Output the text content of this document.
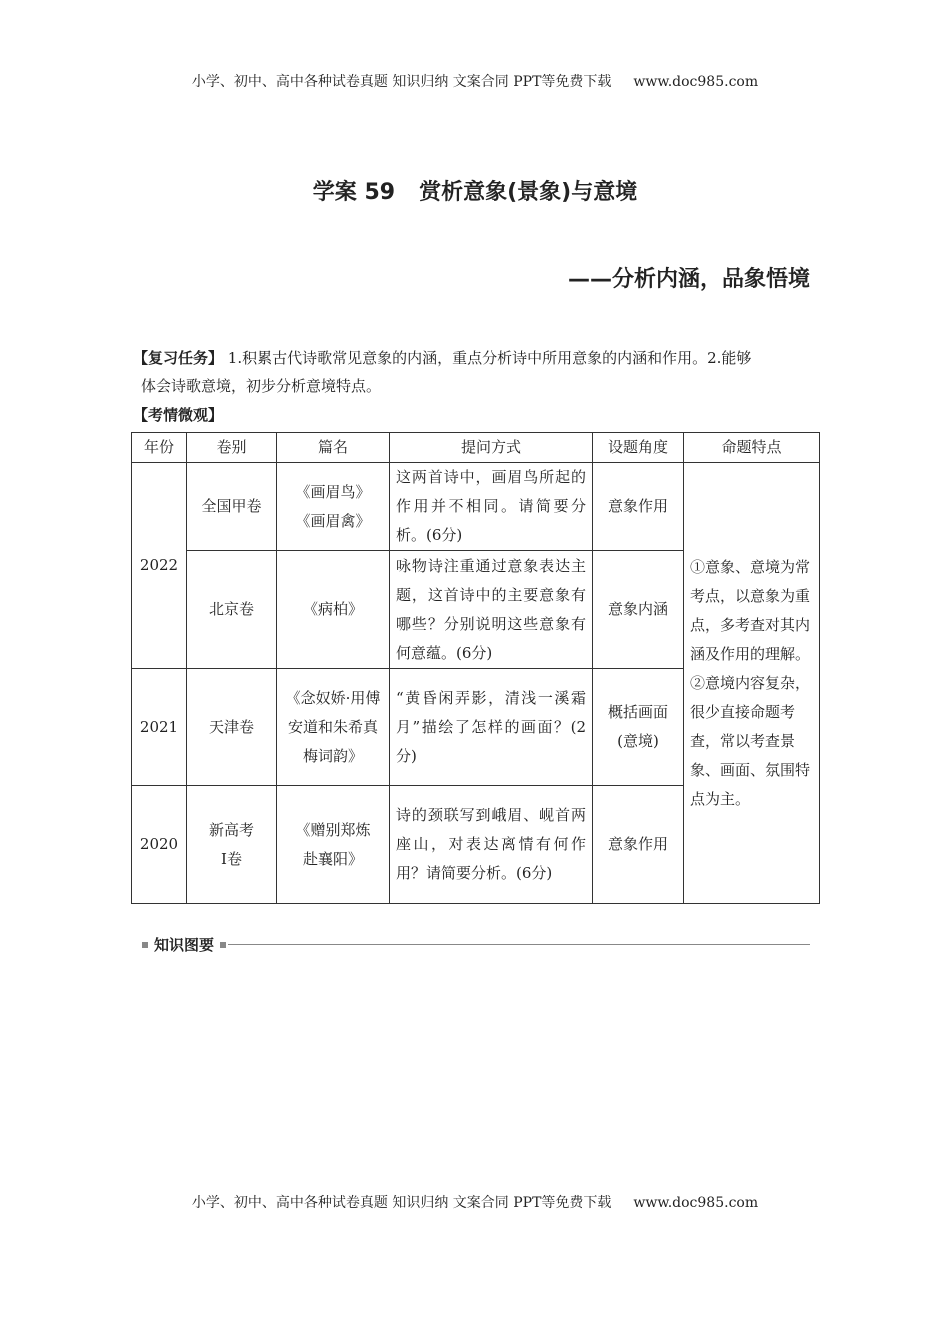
小学、初中、高中各种试卷真题 知识归纳 文案合同 PPT等免费下载 www.doc985.com
学案 59 赏析意象(景象)与意境
——分析内涵，品象悟境
【复习任务】 1.积累古代诗歌常见意象的内涵，重点分析诗中所用意象的内涵和作用。2.能够
体会诗歌意境，初步分析意境特点。
【考情微观】
年份	卷别	篇名	提问方式	设题角度	命题特点
2022	全国甲卷	《画眉鸟》《画眉禽》	这两首诗中，画眉鸟所起的作用并不相同。请简要分析。(6分)	意象作用	①意象、意境为常考点，以意象为重点，多考查对其内涵及作用的理解。②意境内容复杂，很少直接命题考查，常以考查景象、画面、氛围特点为主。
	北京卷	《病柏》	咏物诗注重通过意象表达主题，这首诗中的主要意象有哪些？分别说明这些意象有何意蕴。(6分)	意象内涵	
2021	天津卷	《念奴娇·用傅安道和朱希真梅词韵》	“黄昏闲弄影，清浅一溪霜月”描绘了怎样的画面？(2分)	概括画面(意境)	
2020	新高考Ⅰ卷	《赠别郑炼赴襄阳》	诗的颈联写到峨眉、岘首两座山，对表达离情有何作用？请简要分析。(6分)	意象作用	
知识图要
小学、初中、高中各种试卷真题 知识归纳 文案合同 PPT等免费下载 www.doc985.com
